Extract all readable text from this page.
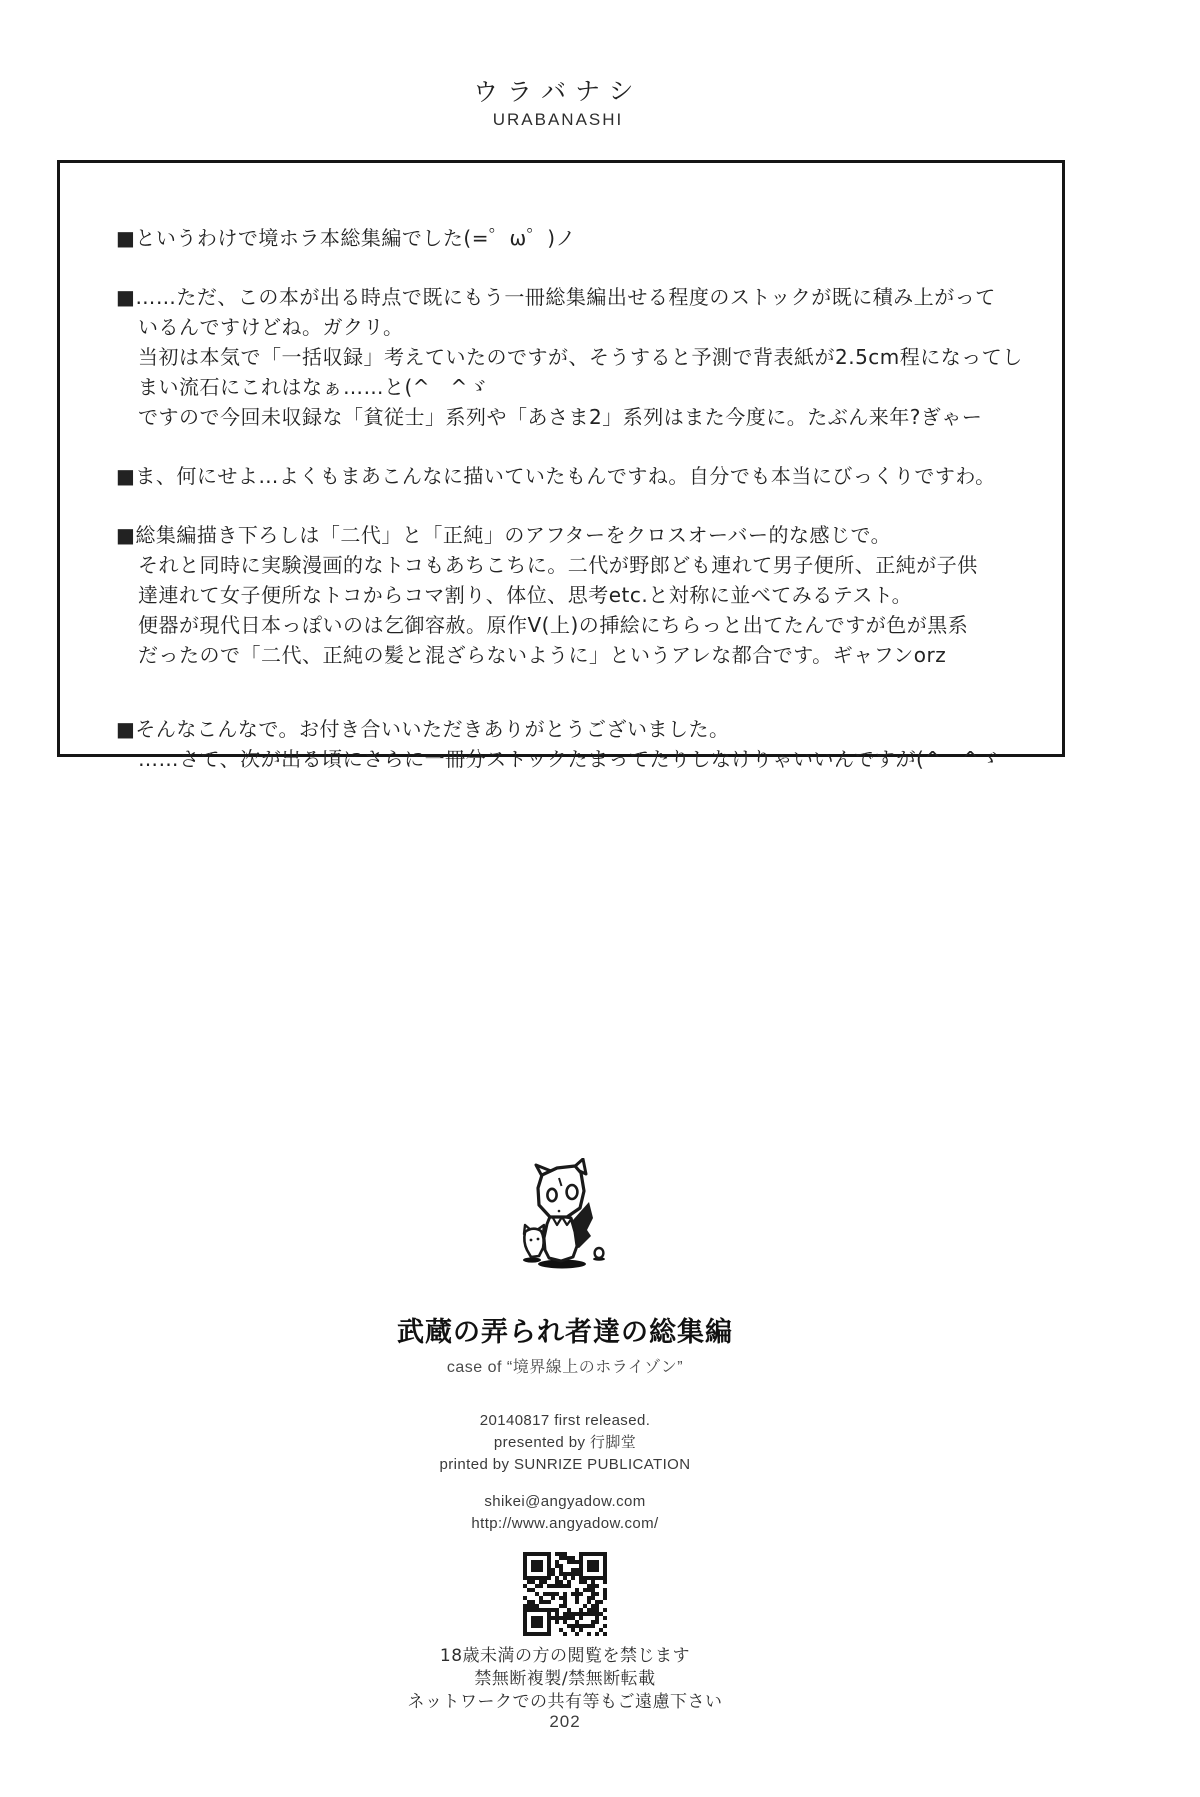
ウラバナシ
URABANASHI
■というわけで境ホラ本総集編でした(=゜ω゜)ノ
■……ただ、この本が出る時点で既にもう一冊総集編出せる程度のストックが既に積み上がって
いるんですけどね。ガクリ。
当初は本気で「一括収録」考えていたのですが、そうすると予測で背表紙が2.5cm程になってし
まい流石にこれはなぁ……と(^　^ゞ
ですので今回未収録な「貧従士」系列や「あさま2」系列はまた今度に。たぶん来年?ぎゃー
■ま、何にせよ…よくもまあこんなに描いていたもんですね。自分でも本当にびっくりですわ。
■総集編描き下ろしは「二代」と「正純」のアフターをクロスオーバー的な感じで。
それと同時に実験漫画的なトコもあちこちに。二代が野郎ども連れて男子便所、正純が子供
達連れて女子便所なトコからコマ割り、体位、思考etc.と対称に並べてみるテスト。
便器が現代日本っぽいのは乞御容赦。原作V(上)の挿絵にちらっと出てたんですが色が黒系
だったので「二代、正純の髪と混ざらないように」というアレな都合です。ギャフンorz
■そんなこんなで。お付き合いいただきありがとうございました。
……さて、次が出る頃にさらに一冊分ストックたまってたりしなけりゃいいんですが(^　^ゞ
武蔵の弄られ者達の総集編
case of “境界線上のホライゾン”
20140817 first released.
presented by 行脚堂
printed by SUNRIZE PUBLICATION
shikei@angyadow.com
http://www.angyadow.com/
18歳未満の方の閲覧を禁じます
禁無断複製/禁無断転載
ネットワークでの共有等もご遠慮下さい
202
